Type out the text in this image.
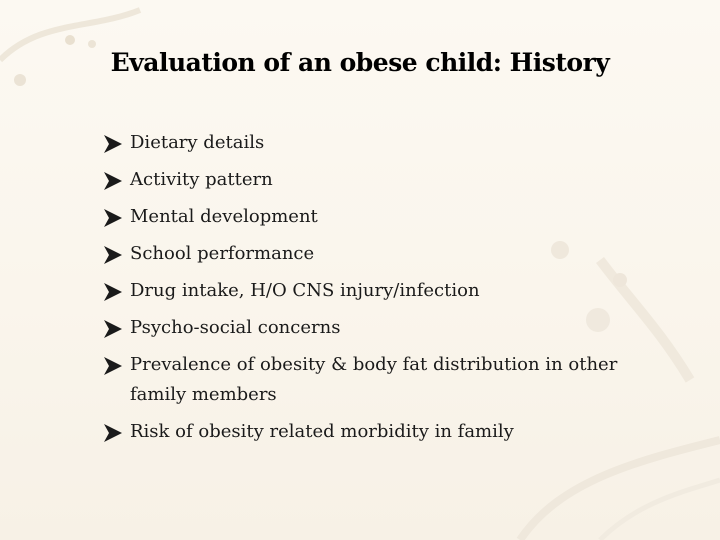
Evaluation of an obese child: History
Dietary details
Activity pattern
Mental development
School performance
Drug intake, H/O CNS injury/infection
Psycho-social concerns
Prevalence of obesity & body fat distribution in other family members
Risk of obesity related morbidity in family
